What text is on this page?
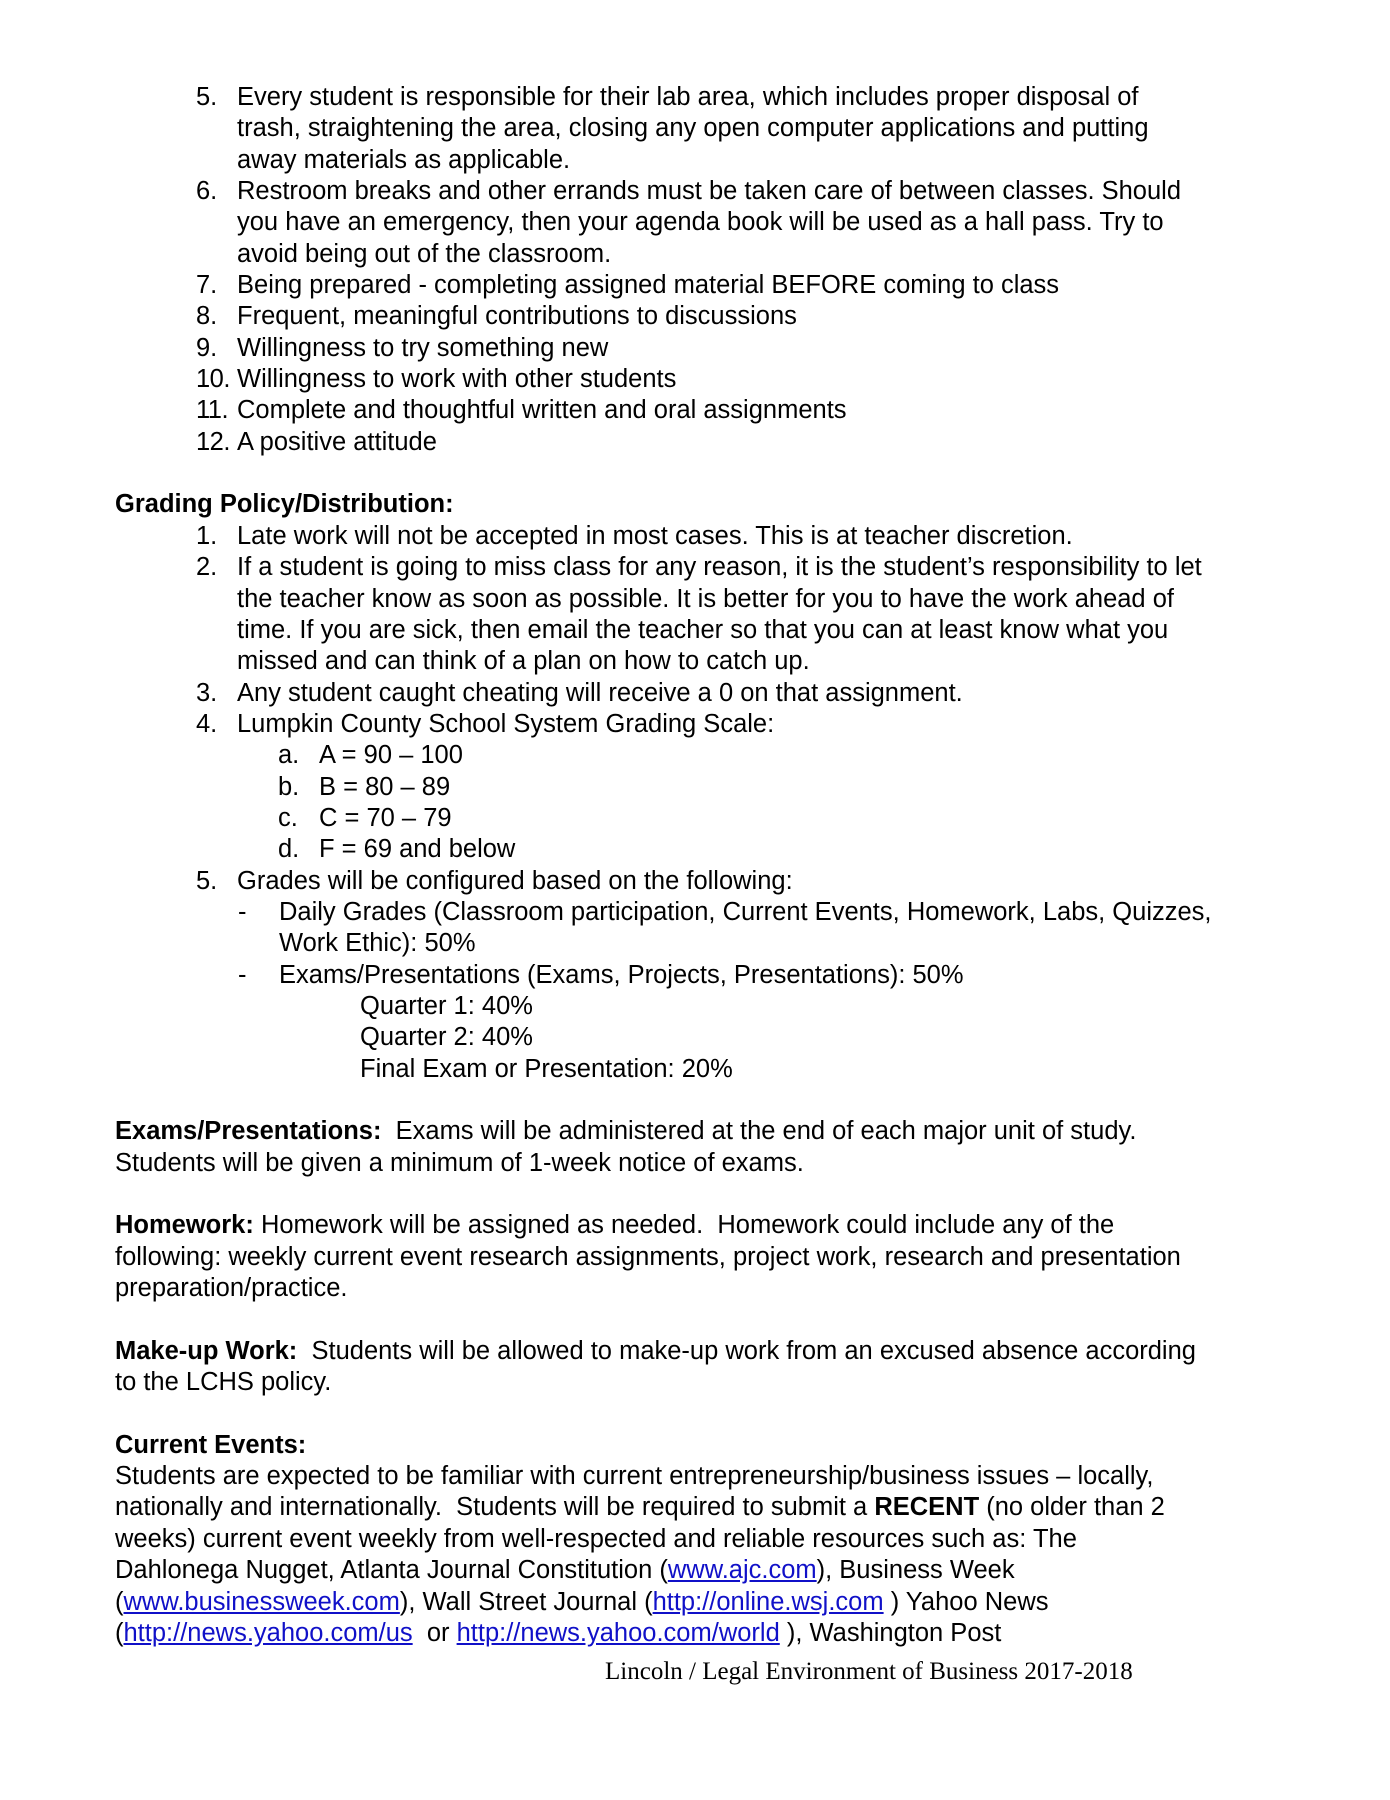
5. Every student is responsible for their lab area, which includes proper disposal of
trash, straightening the area, closing any open computer applications and putting
away materials as applicable.
6. Restroom breaks and other errands must be taken care of between classes. Should
you have an emergency, then your agenda book will be used as a hall pass. Try to
avoid being out of the classroom.
7. Being prepared - completing assigned material BEFORE coming to class
8. Frequent, meaningful contributions to discussions
9. Willingness to try something new
10. Willingness to work with other students
11. Complete and thoughtful written and oral assignments
12. A positive attitude
Grading Policy/Distribution:
1. Late work will not be accepted in most cases. This is at teacher discretion.
2. If a student is going to miss class for any reason, it is the student’s responsibility to let
the teacher know as soon as possible. It is better for you to have the work ahead of
time. If you are sick, then email the teacher so that you can at least know what you
missed and can think of a plan on how to catch up.
3. Any student caught cheating will receive a 0 on that assignment.
4. Lumpkin County School System Grading Scale:
a. A = 90 – 100
b. B = 80 – 89
c. C = 70 – 79
d. F = 69 and below
5. Grades will be configured based on the following:
- Daily Grades (Classroom participation, Current Events, Homework, Labs, Quizzes,
Work Ethic): 50%
- Exams/Presentations (Exams, Projects, Presentations): 50%
Quarter 1: 40%
Quarter 2: 40%
Final Exam or Presentation: 20%
Exams/Presentations:  Exams will be administered at the end of each major unit of study.
Students will be given a minimum of 1-week notice of exams.
Homework: Homework will be assigned as needed.  Homework could include any of the
following: weekly current event research assignments, project work, research and presentation
preparation/practice.
Make-up Work:  Students will be allowed to make-up work from an excused absence according
to the LCHS policy.
Current Events:
Students are expected to be familiar with current entrepreneurship/business issues – locally,
nationally and internationally.  Students will be required to submit a RECENT (no older than 2
weeks) current event weekly from well-respected and reliable resources such as: The
Dahlonega Nugget, Atlanta Journal Constitution (www.ajc.com), Business Week
(www.businessweek.com), Wall Street Journal (http://online.wsj.com ) Yahoo News
(http://news.yahoo.com/us  or http://news.yahoo.com/world ), Washington Post
Lincoln / Legal Environment of Business 2017-2018
